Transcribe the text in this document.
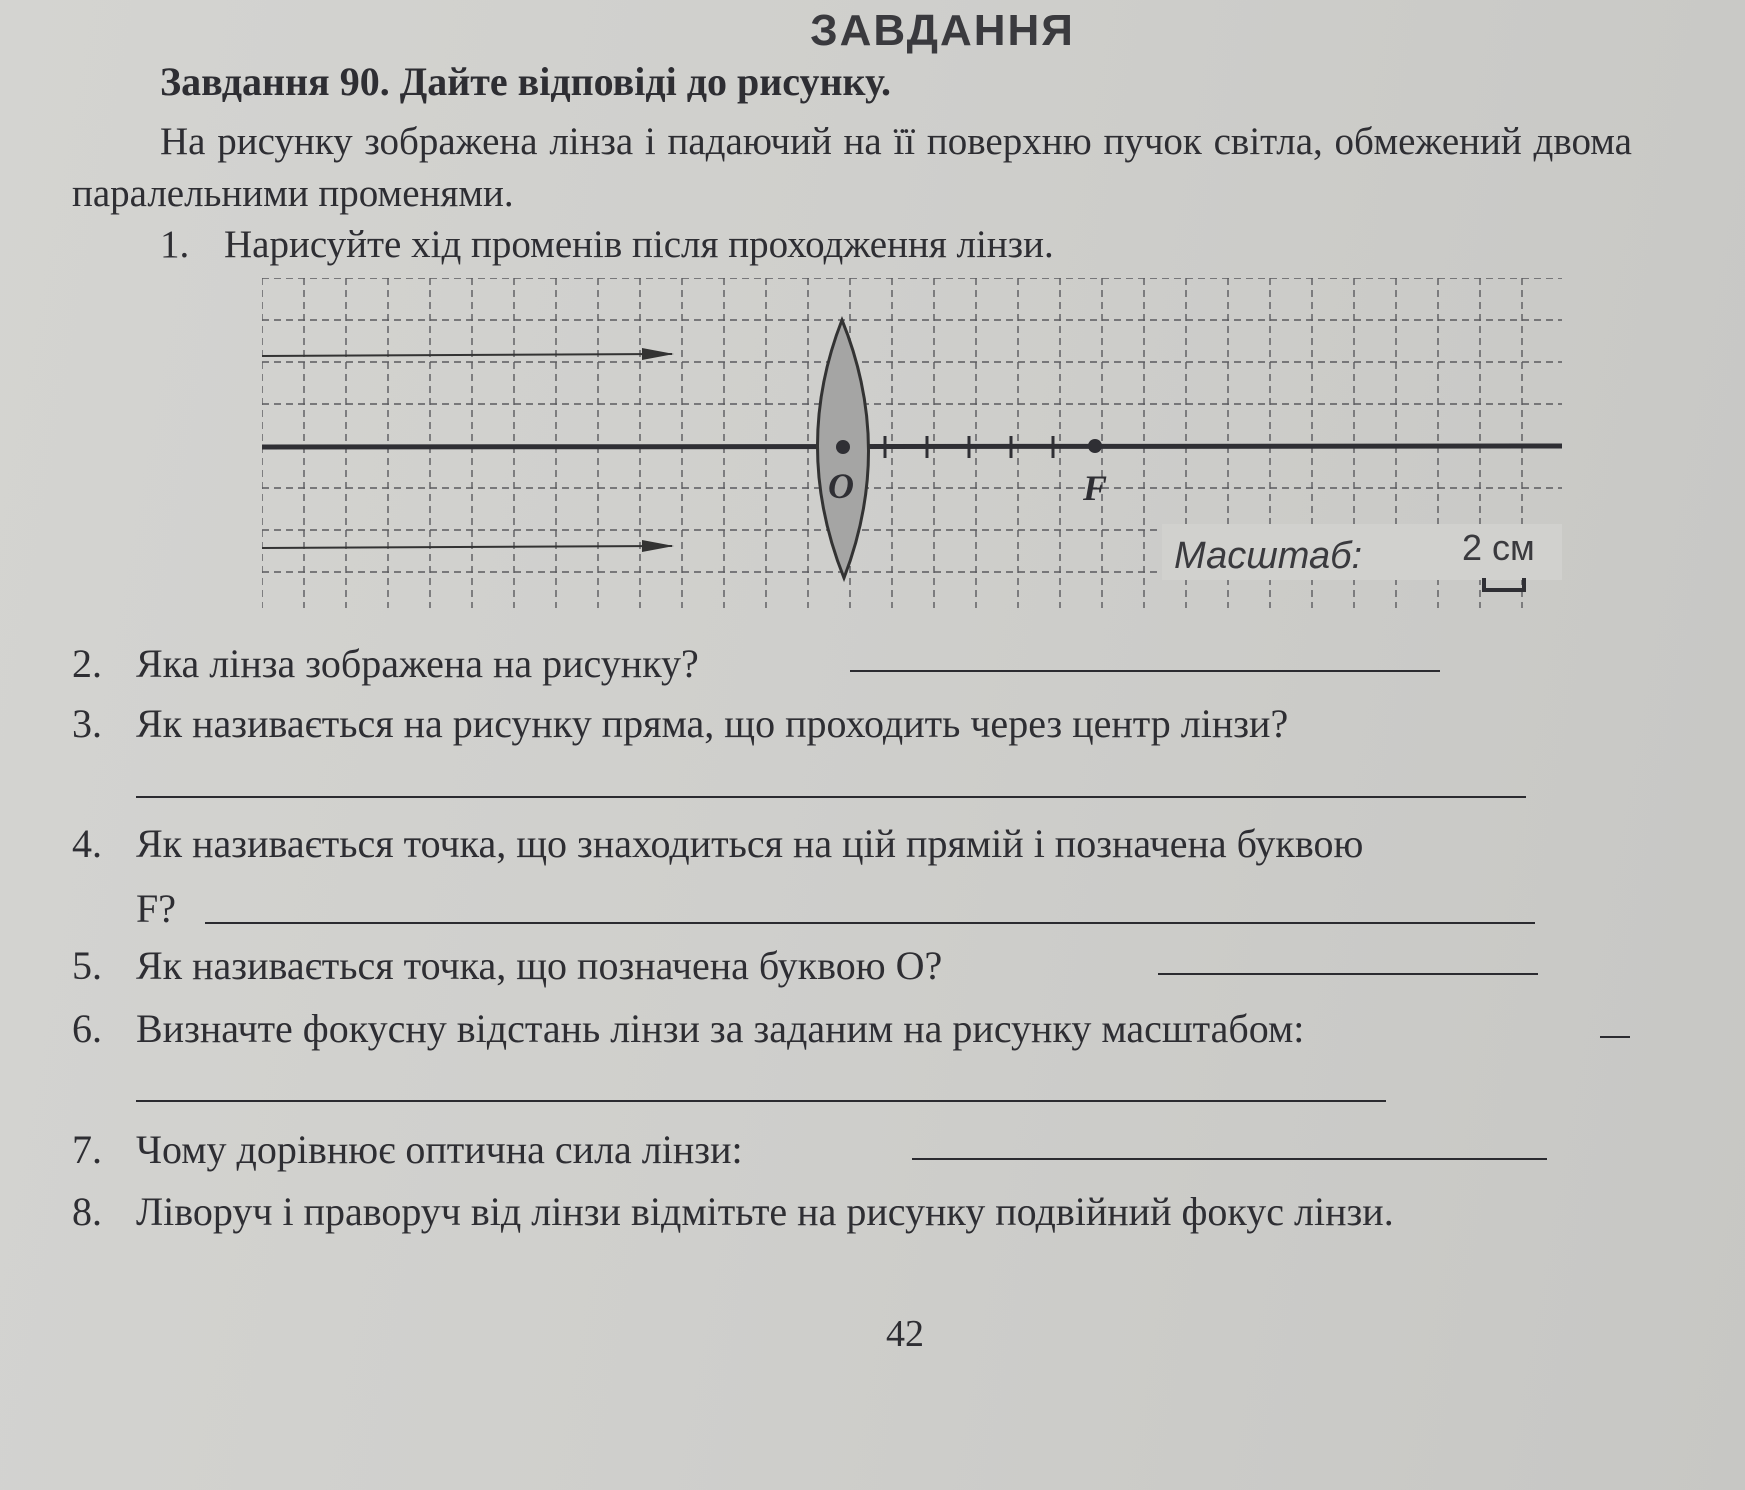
ЗАВДАННЯ
Завдання 90. Дайте відповіді до рисунку.
На рисунку зображена лінза і падаючий на її поверхню пучок світла, обмежений двома паралельними променями.
1. Нарисуйте хід променів після проходження лінзи.
O	F
Масштаб:	2 см
2. Яка лінза зображена на рисунку?
3. Як називається на рисунку пряма, що проходить через центр лінзи?
4. Як називається точка, що знаходиться на цій прямій і позначена буквою
F?
5. Як називається точка, що позначена буквою О?
6. Визначте фокусну відстань лінзи за заданим на рисунку масштабом:
7. Чому дорівнює оптична сила лінзи:
8. Ліворуч і праворуч від лінзи відмітьте на рисунку подвійний фокус лінзи.
42
